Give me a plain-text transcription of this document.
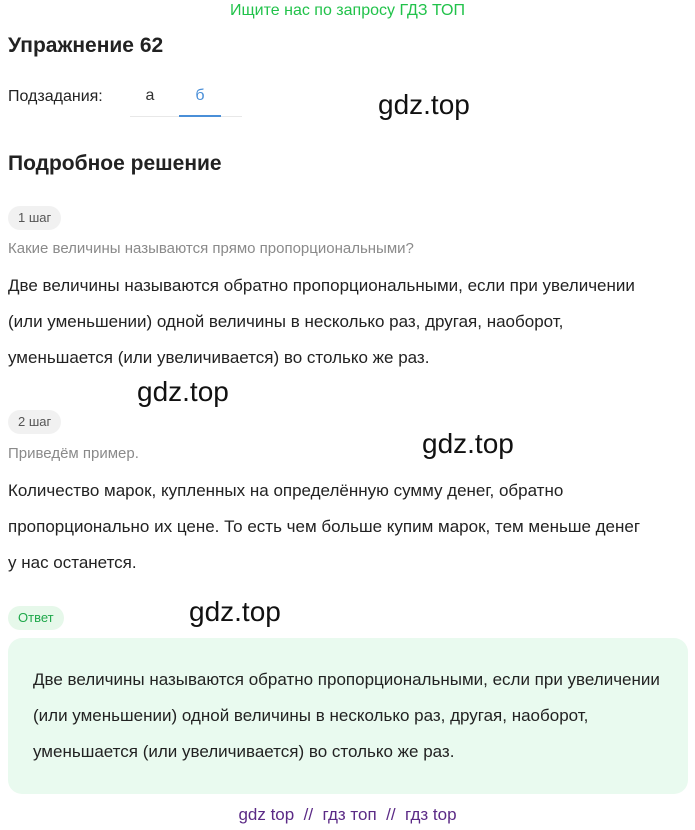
Ищите нас по запросу ГДЗ ТОП
Упражнение 62
Подзадания:	а	б	gdz.top
Подробное решение
1 шаг
Какие величины называются прямо пропорциональными?
Две величины называются обратно пропорциональными, если при увеличении (или уменьшении) одной величины в несколько раз, другая, наоборот, уменьшается (или увеличивается) во столько же раз.
gdz.top
2 шаг
gdz.top
Приведём пример.
Количество марок, купленных на определённую сумму денег, обратно пропорционально их цене. То есть чем больше купим марок, тем меньше денег у нас останется.
Ответ	gdz.top
Две величины называются обратно пропорциональными, если при увеличении (или уменьшении) одной величины в несколько раз, другая, наоборот, уменьшается (или увеличивается) во столько же раз.
gdz top  //  гдз топ  //  гдз top
